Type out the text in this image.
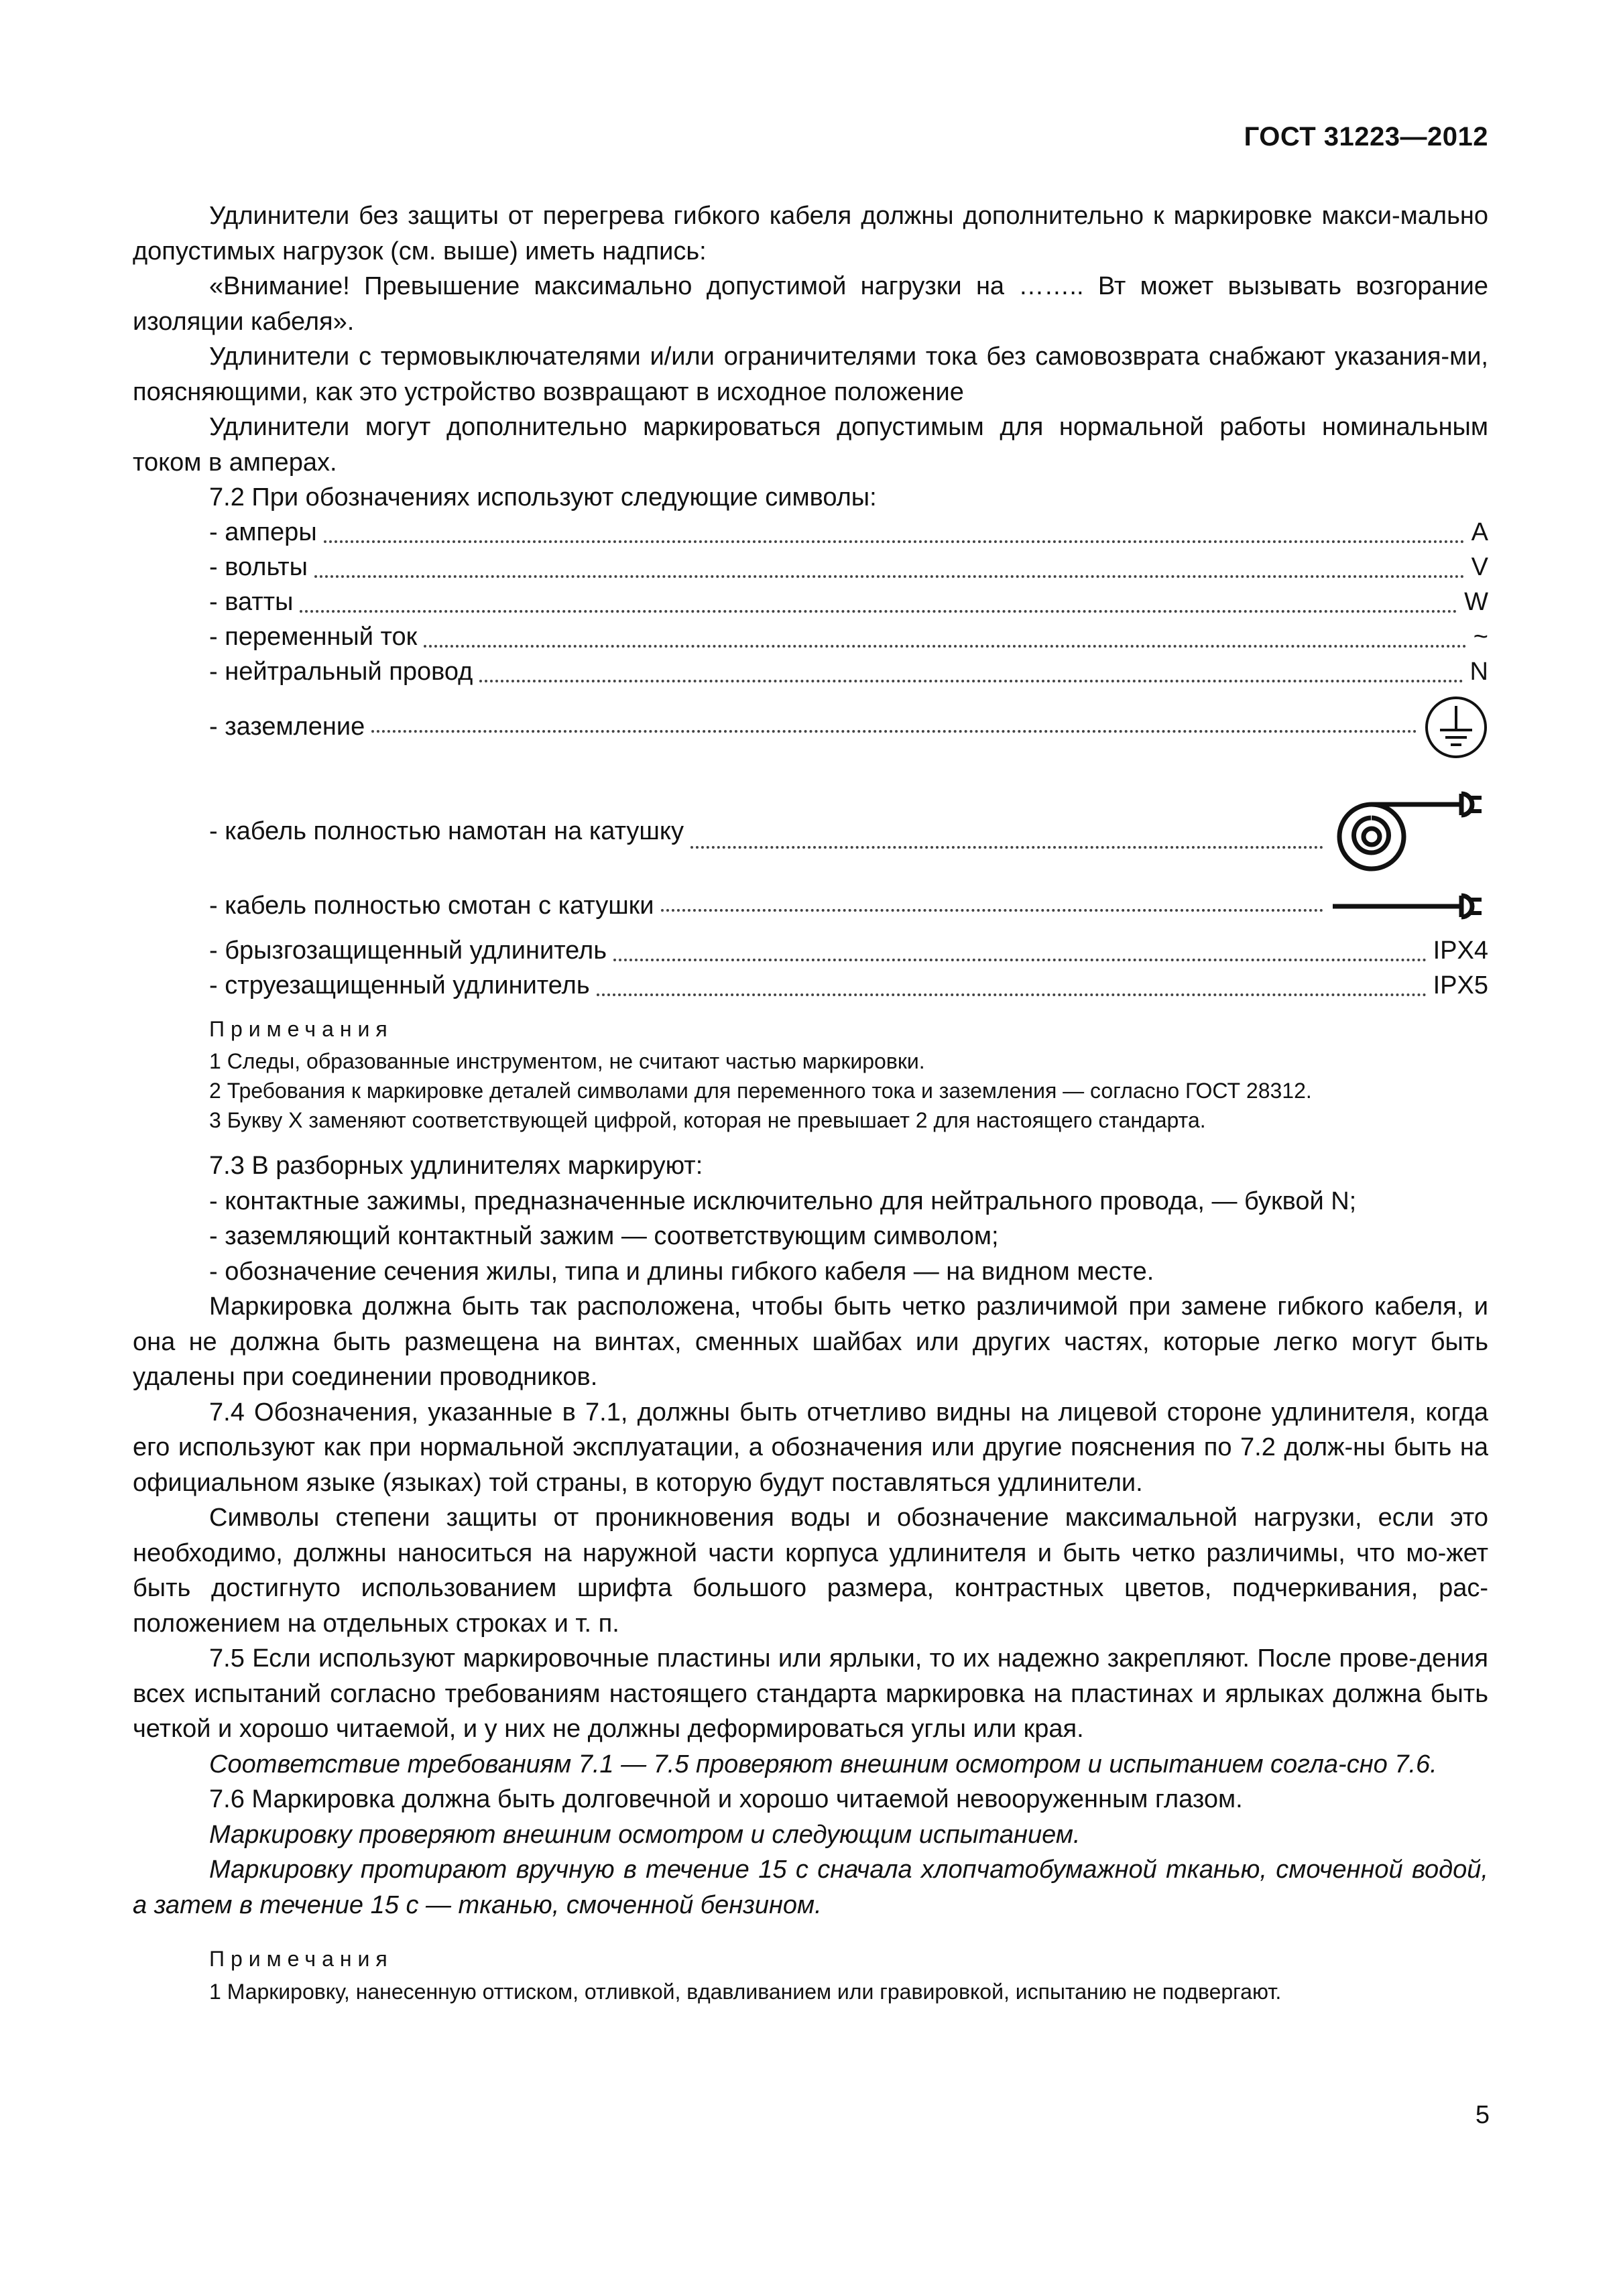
ГОСТ 31223—2012

Удлинители без защиты от перегрева гибкого кабеля должны дополнительно к маркировке макси-мально допустимых нагрузок (см. выше) иметь надпись:

«Внимание! Превышение максимально допустимой нагрузки на …….. Вт может вызывать возгорание изоляции кабеля».

Удлинители с термовыключателями и/или ограничителями тока без самовозврата снабжают указания-ми, поясняющими, как это устройство возвращают в исходное положение

Удлинители могут дополнительно маркироваться допустимым для нормальной работы номинальным током в амперах.

7.2 При обозначениях используют следующие символы:

- амперы	A
- вольты	V
- ватты	W
- переменный ток	~
- нейтральный провод	N
- заземление
- кабель полностью намотан на катушку
- кабель полностью смотан с катушки
- брызгозащищенный удлинитель	IPX4
- струезащищенный удлинитель	IPX5

Примечания

1 Следы, образованные инструментом, не считают частью маркировки.

2 Требования к маркировке деталей символами для переменного тока и заземления — согласно ГОСТ 28312.

3 Букву X заменяют соответствующей цифрой, которая не превышает 2 для настоящего стандарта.

7.3 В разборных удлинителях маркируют:

- контактные зажимы, предназначенные исключительно для нейтрального провода, — буквой N;

- заземляющий контактный зажим — соответствующим символом;

- обозначение сечения жилы, типа и длины гибкого кабеля — на видном месте.

Маркировка должна быть так расположена, чтобы быть четко различимой при замене гибкого кабеля, и она не должна быть размещена на винтах, сменных шайбах или других частях, которые легко могут быть удалены при соединении проводников.

7.4 Обозначения, указанные в 7.1, должны быть отчетливо видны на лицевой стороне удлинителя, когда его используют как при нормальной эксплуатации, а обозначения или другие пояснения по 7.2 долж-ны быть на официальном языке (языках) той страны, в которую будут поставляться удлинители.

Символы степени защиты от проникновения воды и обозначение максимальной нагрузки, если это необходимо, должны наноситься на наружной части корпуса удлинителя и быть четко различимы, что мо-жет быть достигнуто использованием шрифта большого размера, контрастных цветов, подчеркивания, рас-положением на отдельных строках и т. п.

7.5 Если используют маркировочные пластины или ярлыки, то их надежно закрепляют. После прове-дения всех испытаний согласно требованиям настоящего стандарта маркировка на пластинах и ярлыках должна быть четкой и хорошо читаемой, и у них не должны деформироваться углы или края.

Соответствие требованиям 7.1 — 7.5 проверяют внешним осмотром и испытанием согла-сно 7.6.

7.6 Маркировка должна быть долговечной и хорошо читаемой невооруженным глазом.

Маркировку проверяют внешним осмотром и следующим испытанием.

Маркировку протирают вручную в течение 15 с сначала хлопчатобумажной тканью, смоченной водой, а затем в течение 15 с — тканью, смоченной бензином.

Примечания

1 Маркировку, нанесенную оттиском, отливкой, вдавливанием или гравировкой, испытанию не подвергают.

5
